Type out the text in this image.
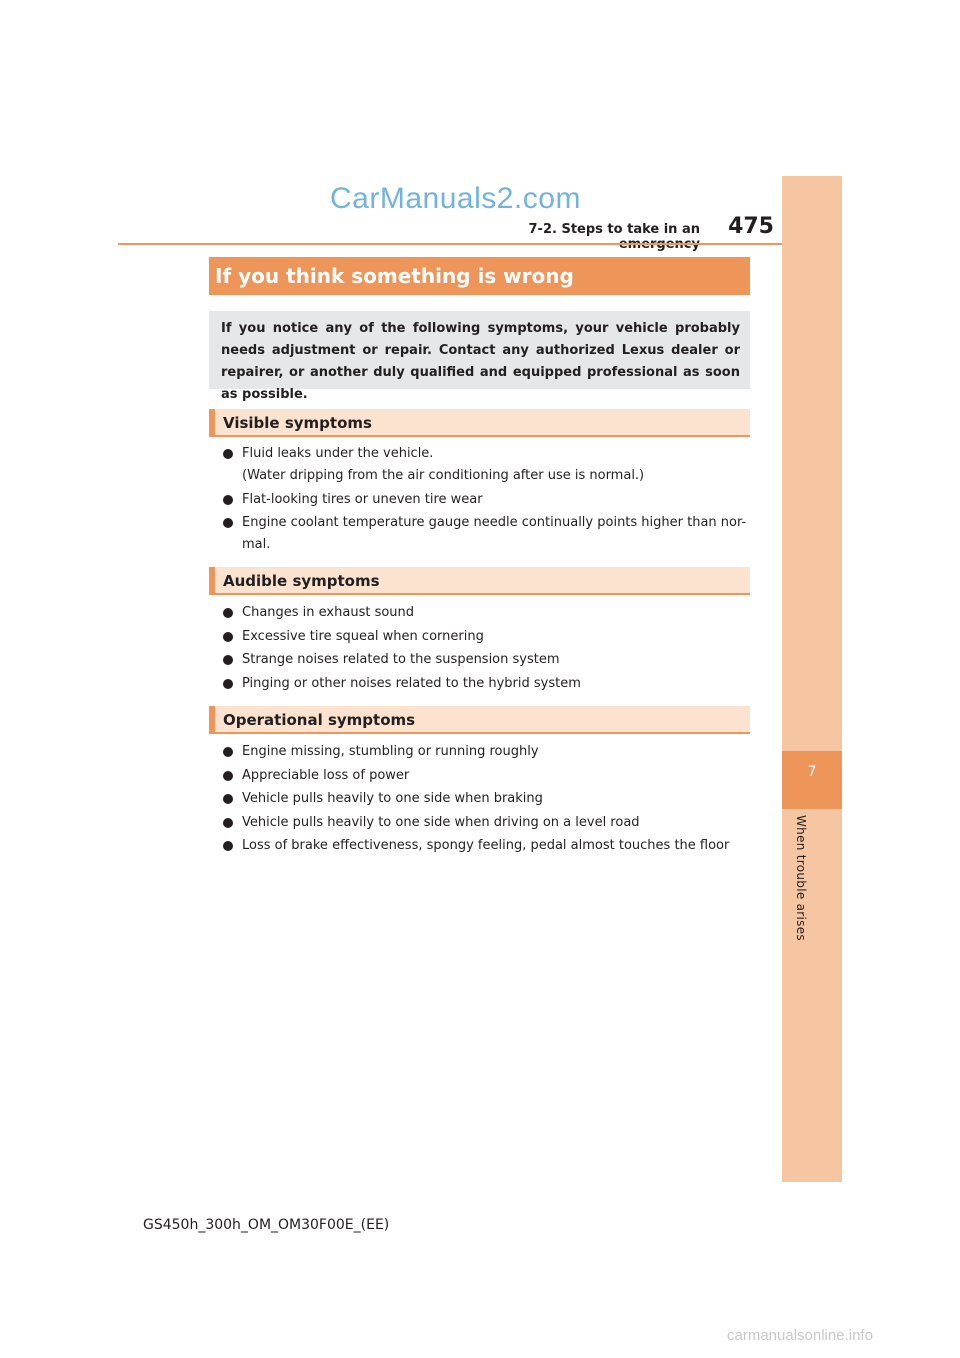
7
When trouble arises
CarManuals2.com
7-2. Steps to take in an	475
If you think something is wrong
If you notice any of the following symptoms, your vehicle probably needs adjustment or repair. Contact any authorized Lexus dealer or repairer, or another duly qualified and equipped professional as soon as possible.
Visible symptoms
Fluid leaks under the vehicle.
(Water dripping from the air conditioning after use is normal.)
Flat-looking tires or uneven tire wear
Engine coolant temperature gauge needle continually points higher than nor-
mal.
Audible symptoms
Changes in exhaust sound
Excessive tire squeal when cornering
Strange noises related to the suspension system
Pinging or other noises related to the hybrid system
Operational symptoms
Engine missing, stumbling or running roughly
Appreciable loss of power
Vehicle pulls heavily to one side when braking
Vehicle pulls heavily to one side when driving on a level road
Loss of brake effectiveness, spongy feeling, pedal almost touches the floor
GS450h_300h_OM_OM30F00E_(EE)
carmanualsonline.info
